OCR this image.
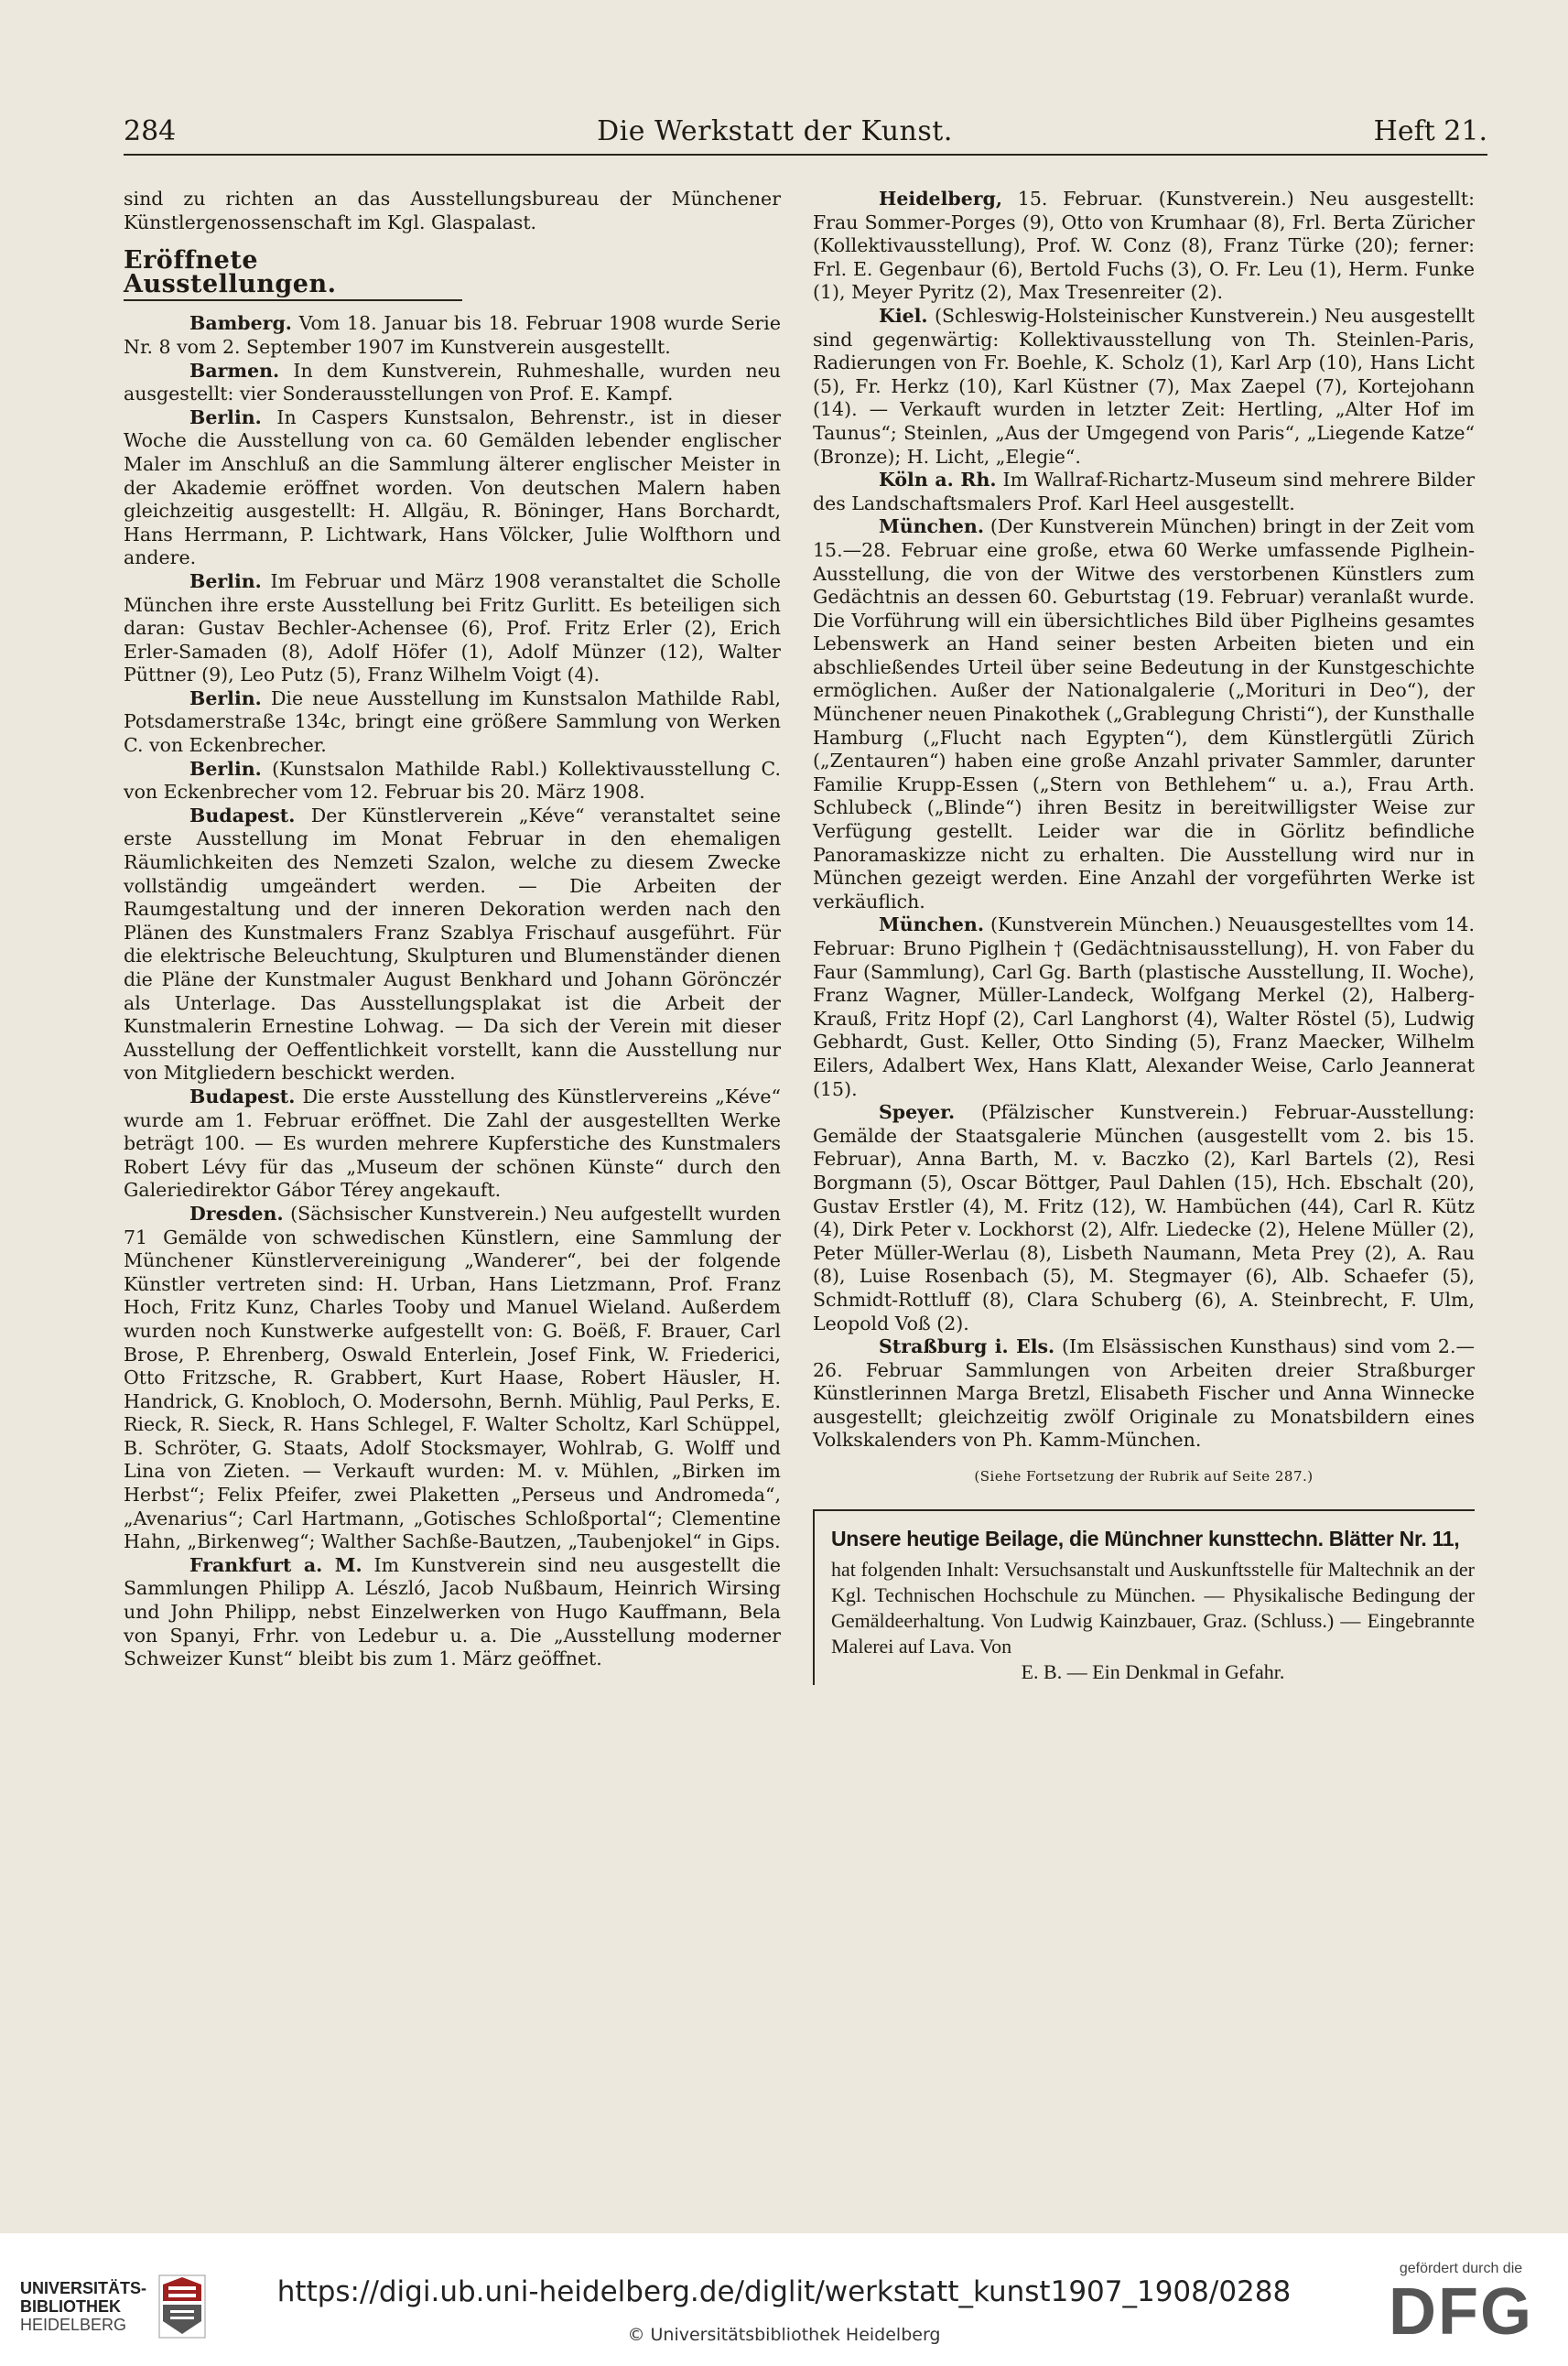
284	Die Werkstatt der Kunst.	Heft 21.

sind zu richten an das Ausstellungsbureau der Münchener Künstlergenossenschaft im Kgl. Glaspalast.

Eröffnete Ausstellungen.

Bamberg. Vom 18. Januar bis 18. Februar 1908 wurde Serie Nr. 8 vom 2. September 1907 im Kunstverein ausgestellt.

Barmen. In dem Kunstverein, Ruhmeshalle, wurden neu ausgestellt: vier Sonderausstellungen von Prof. E. Kampf.

Berlin. In Caspers Kunstsalon, Behrenstr., ist in dieser Woche die Ausstellung von ca. 60 Gemälden lebender englischer Maler im Anschluß an die Sammlung älterer englischer Meister in der Akademie eröffnet worden. Von deutschen Malern haben gleichzeitig ausgestellt: H. Allgäu, R. Böninger, Hans Borchardt, Hans Herrmann, P. Lichtwark, Hans Völcker, Julie Wolfthorn und andere.

Berlin. Im Februar und März 1908 veranstaltet die Scholle München ihre erste Ausstellung bei Fritz Gurlitt. Es beteiligen sich daran: Gustav Bechler-Achensee (6), Prof. Fritz Erler (2), Erich Erler-Samaden (8), Adolf Höfer (1), Adolf Münzer (12), Walter Püttner (9), Leo Putz (5), Franz Wilhelm Voigt (4).

Berlin. Die neue Ausstellung im Kunstsalon Mathilde Rabl, Potsdamerstraße 134c, bringt eine größere Sammlung von Werken C. von Eckenbrecher.

Berlin. (Kunstsalon Mathilde Rabl.) Kollektivausstellung C. von Eckenbrecher vom 12. Februar bis 20. März 1908.

Budapest. Der Künstlerverein „Kéve“ veranstaltet seine erste Ausstellung im Monat Februar in den ehemaligen Räumlichkeiten des Nemzeti Szalon, welche zu diesem Zwecke vollständig umgeändert werden. — Die Arbeiten der Raumgestaltung und der inneren Dekoration werden nach den Plänen des Kunstmalers Franz Szablya Frischauf ausgeführt. Für die elektrische Beleuchtung, Skulpturen und Blumenständer dienen die Pläne der Kunstmaler August Benkhard und Johann Görönczér als Unterlage. Das Ausstellungsplakat ist die Arbeit der Kunstmalerin Ernestine Lohwag. — Da sich der Verein mit dieser Ausstellung der Oeffentlichkeit vorstellt, kann die Ausstellung nur von Mitgliedern beschickt werden.

Budapest. Die erste Ausstellung des Künstlervereins „Kéve“ wurde am 1. Februar eröffnet. Die Zahl der ausgestellten Werke beträgt 100. — Es wurden mehrere Kupferstiche des Kunstmalers Robert Lévy für das „Museum der schönen Künste“ durch den Galeriedirektor Gábor Térey angekauft.

Dresden. (Sächsischer Kunstverein.) Neu aufgestellt wurden 71 Gemälde von schwedischen Künstlern, eine Sammlung der Münchener Künstlervereinigung „Wanderer“, bei der folgende Künstler vertreten sind: H. Urban, Hans Lietzmann, Prof. Franz Hoch, Fritz Kunz, Charles Tooby und Manuel Wieland. Außerdem wurden noch Kunstwerke aufgestellt von: G. Boëß, F. Brauer, Carl Brose, P. Ehrenberg, Oswald Enterlein, Josef Fink, W. Friederici, Otto Fritzsche, R. Grabbert, Kurt Haase, Robert Häusler, H. Handrick, G. Knobloch, O. Modersohn, Bernh. Mühlig, Paul Perks, E. Rieck, R. Sieck, R. Hans Schlegel, F. Walter Scholtz, Karl Schüppel, B. Schröter, G. Staats, Adolf Stocksmayer, Wohlrab, G. Wolff und Lina von Zieten. — Verkauft wurden: M. v. Mühlen, „Birken im Herbst“; Felix Pfeifer, zwei Plaketten „Perseus und Andromeda“, „Avenarius“; Carl Hartmann, „Gotisches Schloßportal“; Clementine Hahn, „Birkenweg“; Walther Sachße-Bautzen, „Taubenjokel“ in Gips.

Frankfurt a. M. Im Kunstverein sind neu ausgestellt die Sammlungen Philipp A. Lészló, Jacob Nußbaum, Heinrich Wirsing und John Philipp, nebst Einzelwerken von Hugo Kauffmann, Bela von Spanyi, Frhr. von Ledebur u. a. Die „Ausstellung moderner Schweizer Kunst“ bleibt bis zum 1. März geöffnet.

Heidelberg, 15. Februar. (Kunstverein.) Neu ausgestellt: Frau Sommer-Porges (9), Otto von Krumhaar (8), Frl. Berta Züricher (Kollektivausstellung), Prof. W. Conz (8), Franz Türke (20); ferner: Frl. E. Gegenbaur (6), Bertold Fuchs (3), O. Fr. Leu (1), Herm. Funke (1), Meyer Pyritz (2), Max Tresenreiter (2).

Kiel. (Schleswig-Holsteinischer Kunstverein.) Neu ausgestellt sind gegenwärtig: Kollektivausstellung von Th. Steinlen-Paris, Radierungen von Fr. Boehle, K. Scholz (1), Karl Arp (10), Hans Licht (5), Fr. Herkz (10), Karl Küstner (7), Max Zaepel (7), Kortejohann (14). — Verkauft wurden in letzter Zeit: Hertling, „Alter Hof im Taunus“; Steinlen, „Aus der Umgegend von Paris“, „Liegende Katze“ (Bronze); H. Licht, „Elegie“.

Köln a. Rh. Im Wallraf-Richartz-Museum sind mehrere Bilder des Landschaftsmalers Prof. Karl Heel ausgestellt.

München. (Der Kunstverein München) bringt in der Zeit vom 15.—28. Februar eine große, etwa 60 Werke umfassende Piglhein-Ausstellung, die von der Witwe des verstorbenen Künstlers zum Gedächtnis an dessen 60. Geburtstag (19. Februar) veranlaßt wurde. Die Vorführung will ein übersichtliches Bild über Piglheins gesamtes Lebenswerk an Hand seiner besten Arbeiten bieten und ein abschließendes Urteil über seine Bedeutung in der Kunstgeschichte ermöglichen. Außer der Nationalgalerie („Morituri in Deo“), der Münchener neuen Pinakothek („Grablegung Christi“), der Kunsthalle Hamburg („Flucht nach Egypten“), dem Künstlergütli Zürich („Zentauren“) haben eine große Anzahl privater Sammler, darunter Familie Krupp-Essen („Stern von Bethlehem“ u. a.), Frau Arth. Schlubeck („Blinde“) ihren Besitz in bereitwilligster Weise zur Verfügung gestellt. Leider war die in Görlitz befindliche Panoramaskizze nicht zu erhalten. Die Ausstellung wird nur in München gezeigt werden. Eine Anzahl der vorgeführten Werke ist verkäuflich.

München. (Kunstverein München.) Neuausgestelltes vom 14. Februar: Bruno Piglhein † (Gedächtnisausstellung), H. von Faber du Faur (Sammlung), Carl Gg. Barth (plastische Ausstellung, II. Woche), Franz Wagner, Müller-Landeck, Wolfgang Merkel (2), Halberg-Krauß, Fritz Hopf (2), Carl Langhorst (4), Walter Röstel (5), Ludwig Gebhardt, Gust. Keller, Otto Sinding (5), Franz Maecker, Wilhelm Eilers, Adalbert Wex, Hans Klatt, Alexander Weise, Carlo Jeannerat (15).

Speyer. (Pfälzischer Kunstverein.) Februar-Ausstellung: Gemälde der Staatsgalerie München (ausgestellt vom 2. bis 15. Februar), Anna Barth, M. v. Baczko (2), Karl Bartels (2), Resi Borgmann (5), Oscar Böttger, Paul Dahlen (15), Hch. Ebschalt (20), Gustav Erstler (4), M. Fritz (12), W. Hambüchen (44), Carl R. Kütz (4), Dirk Peter v. Lockhorst (2), Alfr. Liedecke (2), Helene Müller (2), Peter Müller-Werlau (8), Lisbeth Naumann, Meta Prey (2), A. Rau (8), Luise Rosenbach (5), M. Stegmayer (6), Alb. Schaefer (5), Schmidt-Rottluff (8), Clara Schuberg (6), A. Steinbrecht, F. Ulm, Leopold Voß (2).

Straßburg i. Els. (Im Elsässischen Kunsthaus) sind vom 2.—26. Februar Sammlungen von Arbeiten dreier Straßburger Künstlerinnen Marga Bretzl, Elisabeth Fischer und Anna Winnecke ausgestellt; gleichzeitig zwölf Originale zu Monatsbildern eines Volkskalenders von Ph. Kamm-München.

(Siehe Fortsetzung der Rubrik auf Seite 287.)
Unsere heutige Beilage, die Münchner kunsttechn. Blätter Nr. 11,
hat folgenden Inhalt: Versuchsanstalt und Auskunftsstelle für Maltechnik an der Kgl. Technischen Hochschule zu München. — Physikalische Bedingung der Gemäldeerhaltung. Von Ludwig Kainzbauer, Graz. (Schluss.) — Eingebrannte Malerei auf Lava. Von
E. B. — Ein Denkmal in Gefahr.
UNIVERSITÄTS-
BIBLIOTHEK
HEIDELBERG
https://digi.ub.uni-heidelberg.de/diglit/werkstatt_kunst1907_1908/0288
© Universitätsbibliothek Heidelberg
gefördert durch die
DFG
